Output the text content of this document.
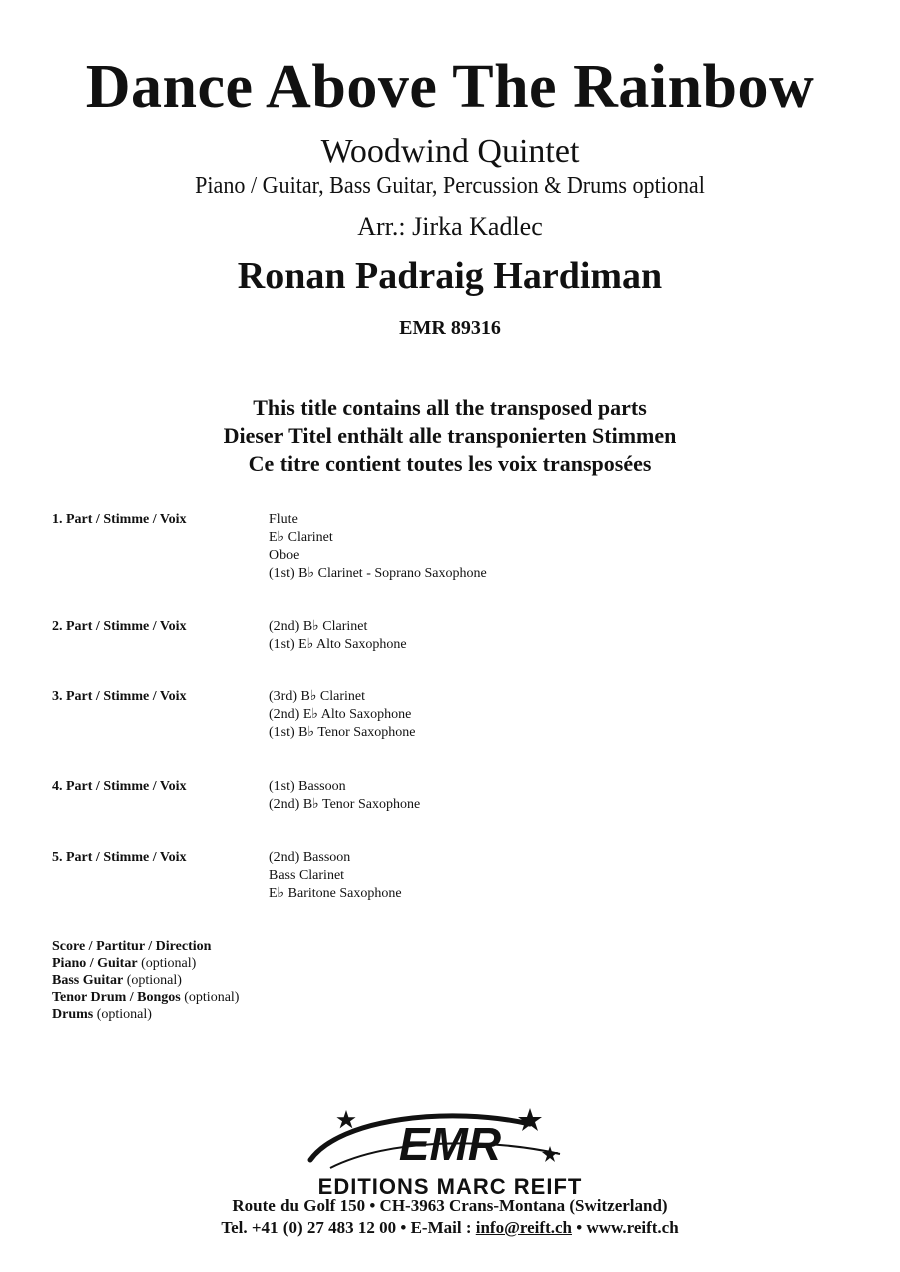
Dance Above The Rainbow
Woodwind Quintet
Piano / Guitar, Bass Guitar, Percussion & Drums optional
Arr.: Jirka Kadlec
Ronan Padraig Hardiman
EMR 89316
This title contains all the transposed parts
Dieser Titel enthält alle transponierten Stimmen
Ce titre contient toutes les voix transposées
1. Part / Stimme / Voix	Flute
E♭ Clarinet
Oboe
(1st) B♭ Clarinet - Soprano Saxophone
2. Part / Stimme / Voix	(2nd) B♭ Clarinet
(1st) E♭ Alto Saxophone
3. Part / Stimme / Voix	(3rd) B♭ Clarinet
(2nd) E♭ Alto Saxophone
(1st) B♭ Tenor Saxophone
4. Part / Stimme / Voix	(1st) Bassoon
(2nd) B♭ Tenor Saxophone
5. Part / Stimme / Voix	(2nd) Bassoon
Bass Clarinet
E♭ Baritone Saxophone
Score / Partitur / Direction
Piano / Guitar (optional)
Bass Guitar (optional)
Tenor Drum / Bongos (optional)
Drums (optional)
EMR
EDITIONS MARC REIFT
Route du Golf 150 • CH-3963 Crans-Montana (Switzerland)
Tel. +41 (0) 27 483 12 00 • E-Mail : info@reift.ch • www.reift.ch
